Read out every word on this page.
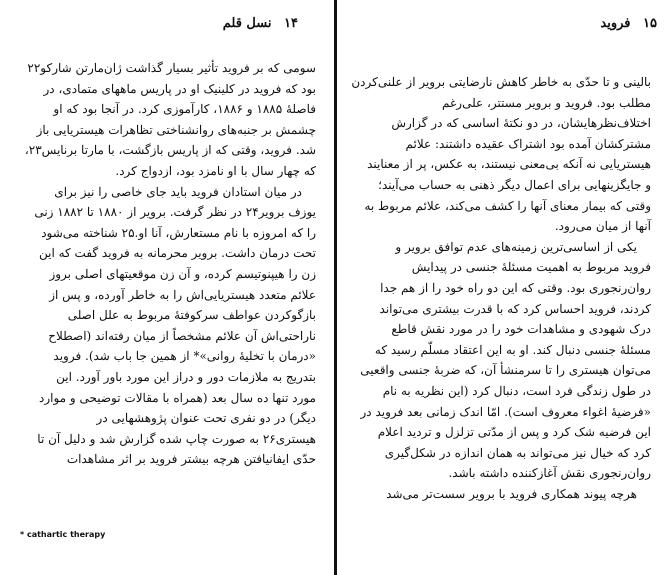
۱۴ نسل قلم
سومی که بر فروید تأثیر بسیار گذاشت ژان‌مارتن شارکو۲۲
بود که فروید در کلینیک او در پاریس ماههای متمادی، در
فاصلهٔ ۱۸۸۵ و ۱۸۸۶، کارآموزی کرد. در آنجا بود که او
چشمش بر جنبه‌های روانشناختی تظاهرات هیستریایی باز
شد. فروید، وقتی که از پاریس بازگشت، با مارتا برنایس۲۳،
که چهار سال با او نامزد بود، ازدواج کرد.
در میان استادان فروید باید جای خاصی را نیز برای
یوزف برویر۲۴ در نظر گرفت. برویر از ۱۸۸۰ تا ۱۸۸۲ زنی
را که امروزه با نام مستعارش، آنا او.۲۵ شناخته می‌شود
تحت درمان داشت. برویر محرمانه به فروید گفت که این
زن را هیپنوتیسم کرده، و آن زن موقعیتهای اصلی بروز
علائم متعدد هیستریایی‌اش را به خاطر آورده، و پس از
بازگوکردن عواطف سرکوفتهٔ مربوط به علل اصلی
ناراحتی‌اش آن علائم مشخصاً از میان رفته‌اند (اصطلاح
«درمان با تخلیهٔ روانی»* از همین جا باب شد). فروید
بتدریج به ملازمات دور و دراز این مورد باور آورد. این
مورد تنها ده سال بعد (همراه با مقالات توضیحی و موارد
دیگر) در دو نفری تحت عنوان پژوهشهایی در
هیستری۲۶ به صورت چاپ شده گزارش شد و دلیل آن تا
حدّی ایفانیافتن هرچه بیشتر فروید بر اثر مشاهدات
* cathartic therapy
۱۵ فروید
بالینی و تا حدّی به خاطر کاهش نارضایتی برویر از علنی‌کردن
مطلب بود. فروید و برویر مستتر، علی‌رغم
اختلاف‌نظرهایشان، در دو نکتهٔ اساسی که در گزارش
مشترکشان آمده بود اشتراک عقیده داشتند: علائم
هیستریایی نه آنکه بی‌معنی نیستند، به عکس، پر از معنایند
و جایگزینهایی برای اعمال دیگر ذهنی به حساب می‌آیند؛
وقتی که بیمار معنای آنها را کشف می‌کند، علائم مربوط به
آنها از میان می‌رود.
یکی از اساسی‌ترین زمینه‌های عدم توافق برویر و
فروید مربوط به اهمیت مسئلهٔ جنسی در پیدایش
روان‌رنجوری بود. وقتی که این دو راه خود را از هم جدا
کردند، فروید احساس کرد که با قدرت بیشتری می‌تواند
درک شهودی و مشاهدات خود را در مورد نقش قاطع
مسئلهٔ جنسی دنبال کند. او به این اعتقاد مسلّم رسید که
می‌توان هیستری را تا سرمنشأ آن، که ضربهٔ جنسی واقعیی
در طول زندگی فرد است، دنبال کرد (این نظریه به نام
«فرضیهٔ اغواء معروف است). امّا اندک زمانی بعد فروید در
این فرضیه شک کرد و پس از مدّتی تزلزل و تردید اعلام
کرد که خیال نیز می‌تواند به همان اندازه در شکل‌گیری
روان‌رنجوری نقش آغازکننده داشته باشد.
هرچه پیوند همکاری فروید با برویر سست‌تر می‌شد
